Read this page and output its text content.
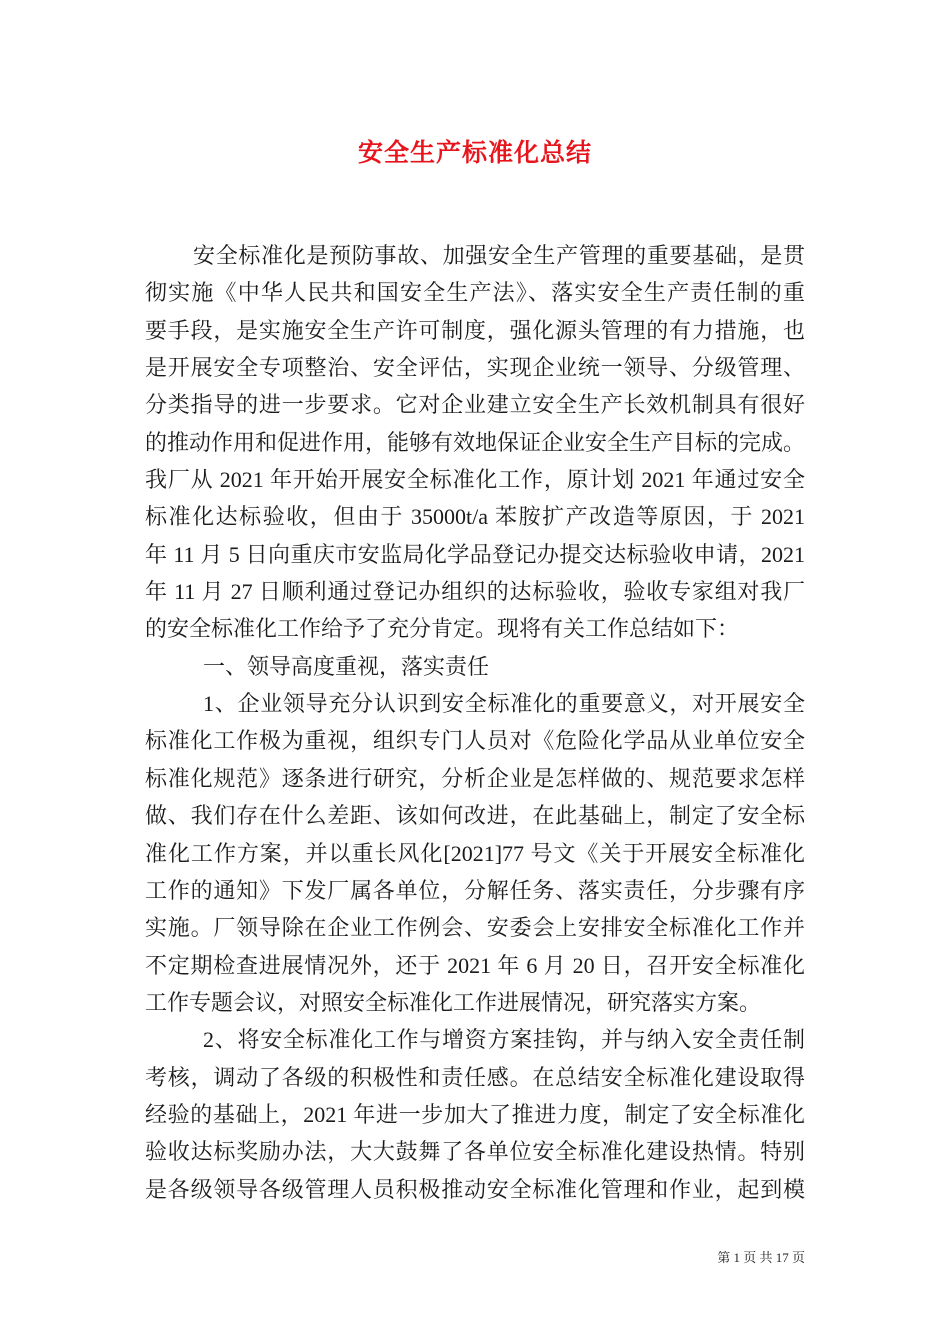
安全生产标准化总结
安全标准化是预防事故、加强安全生产管理的重要基础，是贯
彻实施《中华人民共和国安全生产法》、落实安全生产责任制的重
要手段，是实施安全生产许可制度，强化源头管理的有力措施，也
是开展安全专项整治、安全评估，实现企业统一领导、分级管理、
分类指导的进一步要求。它对企业建立安全生产长效机制具有很好
的推动作用和促进作用，能够有效地保证企业安全生产目标的完成。
我厂从 2021 年开始开展安全标准化工作，原计划 2021 年通过安全
标准化达标验收，但由于 35000t/a 苯胺扩产改造等原因，于 2021
年 11 月 5 日向重庆市安监局化学品登记办提交达标验收申请，2021
年 11 月 27 日顺利通过登记办组织的达标验收，验收专家组对我厂
的安全标准化工作给予了充分肯定。现将有关工作总结如下：
一、领导高度重视，落实责任
1、企业领导充分认识到安全标准化的重要意义，对开展安全
标准化工作极为重视，组织专门人员对《危险化学品从业单位安全
标准化规范》逐条进行研究，分析企业是怎样做的、规范要求怎样
做、我们存在什么差距、该如何改进，在此基础上，制定了安全标
准化工作方案，并以重长风化[2021]77 号文《关于开展安全标准化
工作的通知》下发厂属各单位，分解任务、落实责任，分步骤有序
实施。厂领导除在企业工作例会、安委会上安排安全标准化工作并
不定期检查进展情况外，还于 2021 年 6 月 20 日，召开安全标准化
工作专题会议，对照安全标准化工作进展情况，研究落实方案。
2、将安全标准化工作与增资方案挂钩，并与纳入安全责任制
考核，调动了各级的积极性和责任感。在总结安全标准化建设取得
经验的基础上，2021 年进一步加大了推进力度，制定了安全标准化
验收达标奖励办法，大大鼓舞了各单位安全标准化建设热情。特别
是各级领导各级管理人员积极推动安全标准化管理和作业，起到模
第 1 页 共 17 页
